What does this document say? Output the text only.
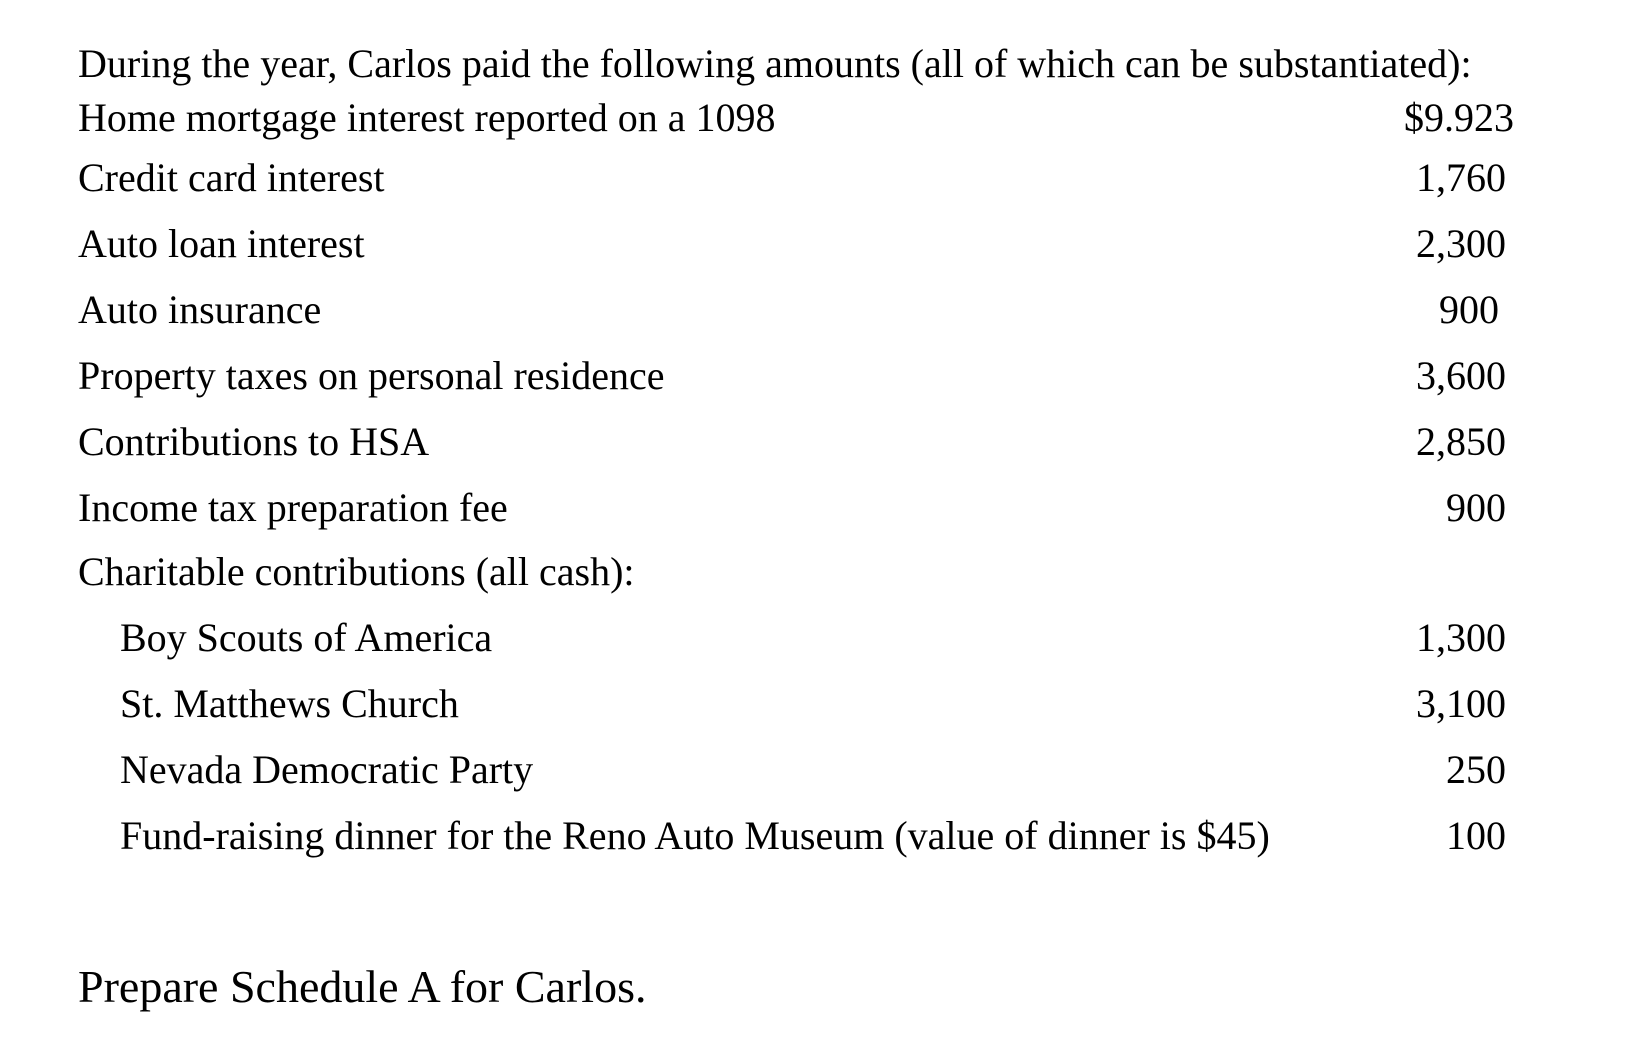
During the year, Carlos paid the following amounts (all of which can be substantiated):
Home mortgage interest reported on a 1098	$9.923
Credit card interest	1,760
Auto loan interest	2,300
Auto insurance	900
Property taxes on personal residence	3,600
Contributions to HSA	2,850
Income tax preparation fee	900
Charitable contributions (all cash):
Boy Scouts of America	1,300
St. Matthews Church	3,100
Nevada Democratic Party	250
Fund-raising dinner for the Reno Auto Museum (value of dinner is $45)	100
Prepare Schedule A for Carlos.
